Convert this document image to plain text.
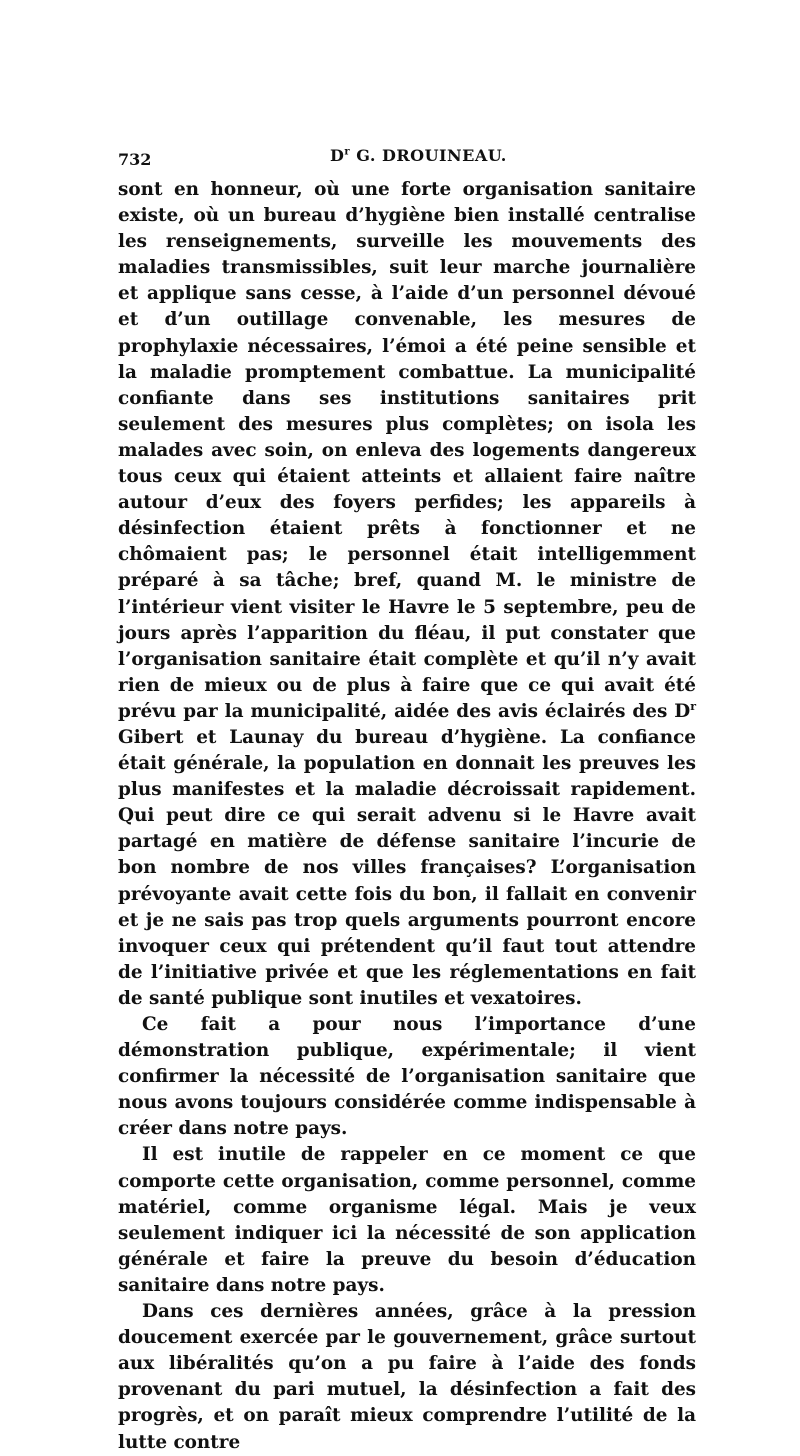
732	$D^r$ G. DROUINEAU.

sont en honneur, où une forte organisation sanitaire existe, où un bureau d’hygiène bien installé centralise les renseignements, surveille les mouvements des maladies transmissibles, suit leur marche journalière et applique sans cesse, à l’aide d’un personnel dévoué et d’un outillage convenable, les mesures de prophylaxie nécessaires, l’émoi a été peine sensible et la maladie promptement combattue. La municipalité confiante dans ses institutions sanitaires prit seulement des mesures plus complètes; on isola les malades avec soin, on enleva des logements dangereux tous ceux qui étaient atteints et allaient faire naître autour d’eux des foyers perfides; les appareils à désinfection étaient prêts à fonctionner et ne chômaient pas; le personnel était intelligemment préparé à sa tâche; bref, quand M. le ministre de l’intérieur vient visiter le Havre le 5 septembre, peu de jours après l’apparition du fléau, il put constater que l’organisation sanitaire était complète et qu’il n’y avait rien de mieux ou de plus à faire que ce qui avait été prévu par la municipalité, aidée des avis éclairés des $D^r$ Gibert et Launay du bureau d’hygiène. La confiance était générale, la population en donnait les preuves les plus manifestes et la maladie décroissait rapidement. Qui peut dire ce qui serait advenu si le Havre avait partagé en matière de défense sanitaire l’incurie de bon nombre de nos villes françaises? L’organisation prévoyante avait cette fois du bon, il fallait en convenir et je ne sais pas trop quels arguments pourront encore invoquer ceux qui prétendent qu’il faut tout attendre de l’initiative privée et que les réglementations en fait de santé publique sont inutiles et vexatoires.

Ce fait a pour nous l’importance d’une démonstration publique, expérimentale; il vient confirmer la nécessité de l’organisation sanitaire que nous avons toujours considérée comme indispensable à créer dans notre pays.

Il est inutile de rappeler en ce moment ce que comporte cette organisation, comme personnel, comme matériel, comme organisme légal. Mais je veux seulement indiquer ici la nécessité de son application générale et faire la preuve du besoin d’éducation sanitaire dans notre pays.

Dans ces dernières années, grâce à la pression doucement exercée par le gouvernement, grâce surtout aux libéralités qu’on a pu faire à l’aide des fonds provenant du pari mutuel, la désinfection a fait des progrès, et on paraît mieux comprendre l’utilité de la lutte contre
